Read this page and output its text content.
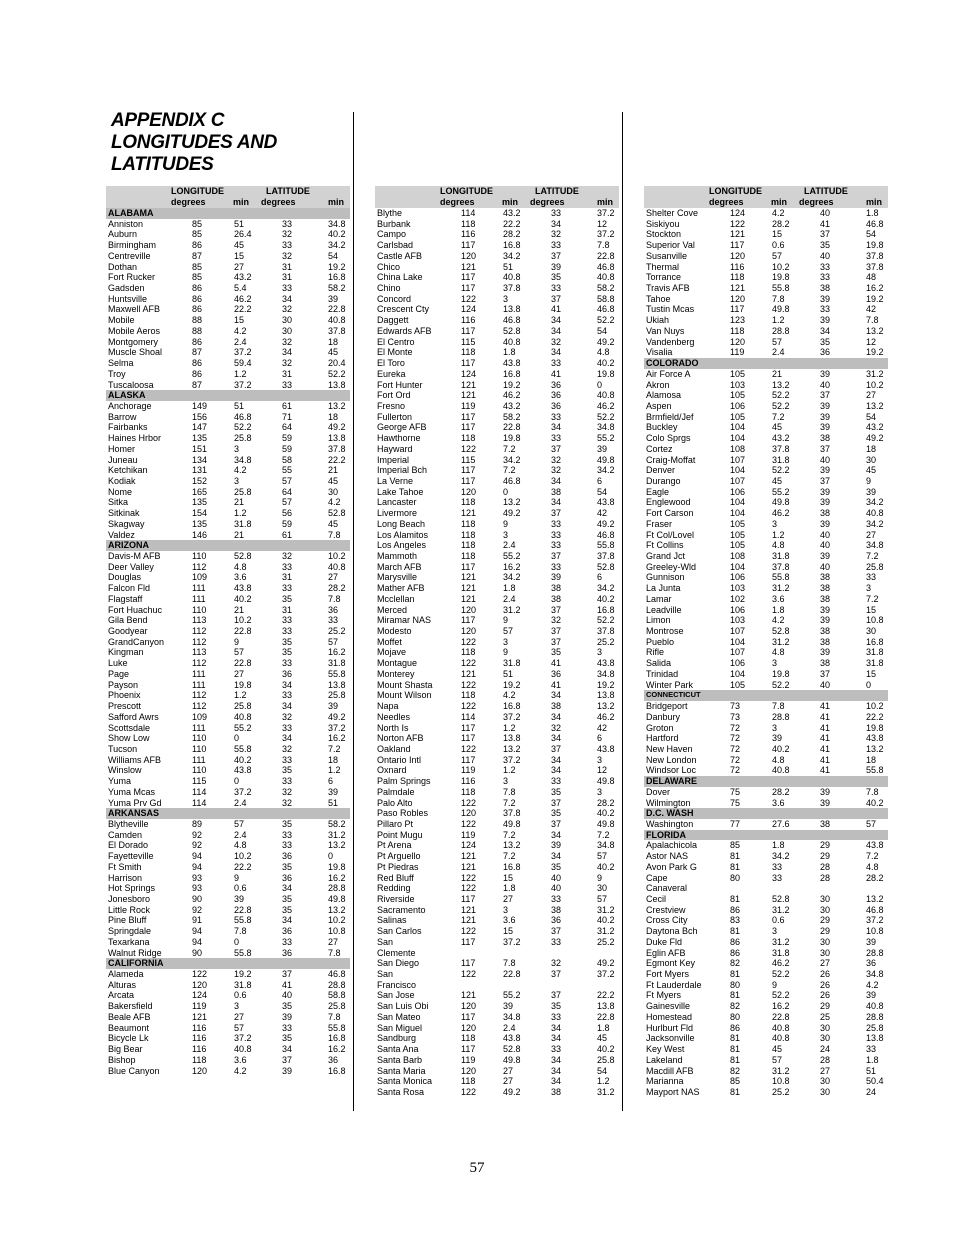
APPENDIX C
LONGITUDES AND
LATITUDES
LONGITUDE	LATITUDE
degrees	min degrees	min
ALABAMA
Anniston	85	51	33	34.8
Auburn	85	26.4	32	40.2
Birmingham	86	45	33	34.2
Centreville	87	15	32	54
Dothan	85	27	31	19.2
Fort Rucker	85	43.2	31	16.8
Gadsden	86	5.4	33	58.2
Huntsville	86	46.2	34	39
Maxwell AFB	86	22.2	32	22.8
Mobile	88	15	30	40.8
Mobile Aeros	88	4.2	30	37.8
Montgomery	86	2.4	32	18
Muscle Shoal	87	37.2	34	45
Selma	86	59.4	32	20.4
Troy	86	1.2	31	52.2
Tuscaloosa	87	37.2	33	13.8
ALASKA
Anchorage	149	51	61	13.2
Barrow	156	46.8	71	18
Fairbanks	147	52.2	64	49.2
Haines Hrbor	135	25.8	59	13.8
Homer	151	3	59	37.8
Juneau	134	34.8	58	22.2
Ketchikan	131	4.2	55	21
Kodiak	152	3	57	45
Nome	165	25.8	64	30
Sitka	135	21	57	4.2
Sitkinak	154	1.2	56	52.8
Skagway	135	31.8	59	45
Valdez	146	21	61	7.8
ARIZONA
Davis-M AFB	110	52.8	32	10.2
Deer Valley	112	4.8	33	40.8
Douglas	109	3.6	31	27
Falcon Fld	111	43.8	33	28.2
Flagstaff	111	40.2	35	7.8
Fort Huachuc	110	21	31	36
Gila Bend	113	10.2	33	33
Goodyear	112	22.8	33	25.2
GrandCanyon	112	9	35	57
Kingman	113	57	35	16.2
Luke	112	22.8	33	31.8
Page	111	27	36	55.8
Payson	111	19.8	34	13.8
Phoenix	112	1.2	33	25.8
Prescott	112	25.8	34	39
Safford Awrs	109	40.8	32	49.2
Scottsdale	111	55.2	33	37.2
Show Low	110	0	34	16.2
Tucson	110	55.8	32	7.2
Williams AFB	111	40.2	33	18
Winslow	110	43.8	35	1.2
Yuma	115	0	33	6
Yuma Mcas	114	37.2	32	39
Yuma Prv Gd	114	2.4	32	51
ARKANSAS
Blytheville	89	57	35	58.2
Camden	92	2.4	33	31.2
El Dorado	92	4.8	33	13.2
Fayetteville	94	10.2	36	0
Ft Smith	94	22.2	35	19.8
Harrison	93	9	36	16.2
Hot Springs	93	0.6	34	28.8
Jonesboro	90	39	35	49.8
Little Rock	92	22.8	35	13.2
Pine Bluff	91	55.8	34	10.2
Springdale	94	7.8	36	10.8
Texarkana	94	0	33	27
Walnut Ridge	90	55.8	36	7.8
CALIFORNIA
Alameda	122	19.2	37	46.8
Alturas	120	31.8	41	28.8
Arcata	124	0.6	40	58.8
Bakersfield	119	3	35	25.8
Beale AFB	121	27	39	7.8
Beaumont	116	57	33	55.8
Bicycle Lk	116	37.2	35	16.8
Big Bear	116	40.8	34	16.2
Bishop	118	3.6	37	36
Blue Canyon	120	4.2	39	16.8
LONGITUDE	LATITUDE
degrees	min degrees	min
Blythe	114	43.2	33	37.2
Burbank	118	22.2	34	12
Campo	116	28.2	32	37.2
Carlsbad	117	16.8	33	7.8
Castle AFB	120	34.2	37	22.8
Chico	121	51	39	46.8
China Lake	117	40.8	35	40.8
Chino	117	37.8	33	58.2
Concord	122	3	37	58.8
Crescent Cty	124	13.8	41	46.8
Daggett	116	46.8	34	52.2
Edwards AFB	117	52.8	34	54
El Centro	115	40.8	32	49.2
El Monte	118	1.8	34	4.8
El Toro	117	43.8	33	40.2
Eureka	124	16.8	41	19.8
Fort Hunter	121	19.2	36	0
Fort Ord	121	46.2	36	40.8
Fresno	119	43.2	36	46.2
Fullerton	117	58.2	33	52.2
George AFB	117	22.8	34	34.8
Hawthorne	118	19.8	33	55.2
Hayward	122	7.2	37	39
Imperial	115	34.2	32	49.8
Imperial Bch	117	7.2	32	34.2
La Verne	117	46.8	34	6
Lake Tahoe	120	0	38	54
Lancaster	118	13.2	34	43.8
Livermore	121	49.2	37	42
Long Beach	118	9	33	49.2
Los Alamitos	118	3	33	46.8
Los Angeles	118	2.4	33	55.8
Mammoth	118	55.2	37	37.8
March AFB	117	16.2	33	52.8
Marysville	121	34.2	39	6
Mather AFB	121	1.8	38	34.2
Mcclellan	121	2.4	38	40.2
Merced	120	31.2	37	16.8
Miramar NAS	117	9	32	52.2
Modesto	120	57	37	37.8
Moffet	122	3	37	25.2
Mojave	118	9	35	3
Montague	122	31.8	41	43.8
Monterey	121	51	36	34.8
Mount Shasta	122	19.2	41	19.2
Mount Wilson	118	4.2	34	13.8
Napa	122	16.8	38	13.2
Needles	114	37.2	34	46.2
North Is	117	1.2	32	42
Norton AFB	117	13.8	34	6
Oakland	122	13.2	37	43.8
Ontario Intl	117	37.2	34	3
Oxnard	119	1.2	34	12
Palm Springs	116	3	33	49.8
Palmdale	118	7.8	35	3
Palo Alto	122	7.2	37	28.2
Paso Robles	120	37.8	35	40.2
Pillaro Pt	122	49.8	37	49.8
Point Mugu	119	7.2	34	7.2
Pt Arena	124	13.2	39	34.8
Pt Arguello	121	7.2	34	57
Pt Piedras	121	16.8	35	40.2
Red Bluff	122	15	40	9
Redding	122	1.8	40	30
Riverside	117	27	33	57
Sacramento	121	3	38	31.2
Salinas	121	3.6	36	40.2
San Carlos	122	15	37	31.2
San	117	37.2	33	25.2
Clemente
San Diego	117	7.8	32	49.2
San	122	22.8	37	37.2
Francisco
San Jose	121	55.2	37	22.2
San Luis Obi	120	39	35	13.8
San Mateo	117	34.8	33	22.8
San Miguel	120	2.4	34	1.8
Sandburg	118	43.8	34	45
Santa Ana	117	52.8	33	40.2
Santa Barb	119	49.8	34	25.8
Santa Maria	120	27	34	54
Santa Monica	118	27	34	1.2
Santa Rosa	122	49.2	38	31.2
LONGITUDE	LATITUDE
degrees	min degrees	min
Shelter Cove	124	4.2	40	1.8
Siskiyou	122	28.2	41	46.8
Stockton	121	15	37	54
Superior Val	117	0.6	35	19.8
Susanville	120	57	40	37.8
Thermal	116	10.2	33	37.8
Torrance	118	19.8	33	48
Travis AFB	121	55.8	38	16.2
Tahoe	120	7.8	39	19.2
Tustin Mcas	117	49.8	33	42
Ukiah	123	1.2	39	7.8
Van Nuys	118	28.8	34	13.2
Vandenberg	120	57	35	12
Visalia	119	2.4	36	19.2
COLORADO
Air Force A	105	21	39	31.2
Akron	103	13.2	40	10.2
Alamosa	105	52.2	37	27
Aspen	106	52.2	39	13.2
Brmfield/Jef	105	7.2	39	54
Buckley	104	45	39	43.2
Colo Sprgs	104	43.2	38	49.2
Cortez	108	37.8	37	18
Craig-Moffat	107	31.8	40	30
Denver	104	52.2	39	45
Durango	107	45	37	9
Eagle	106	55.2	39	39
Englewood	104	49.8	39	34.2
Fort Carson	104	46.2	38	40.8
Fraser	105	3	39	34.2
Ft Col/Lovel	105	1.2	40	27
Ft Collins	105	4.8	40	34.8
Grand Jct	108	31.8	39	7.2
Greeley-Wld	104	37.8	40	25.8
Gunnison	106	55.8	38	33
La Junta	103	31.2	38	3
Lamar	102	3.6	38	7.2
Leadville	106	1.8	39	15
Limon	103	4.2	39	10.8
Montrose	107	52.8	38	30
Pueblo	104	31.2	38	16.8
Rifle	107	4.8	39	31.8
Salida	106	3	38	31.8
Trinidad	104	19.8	37	15
Winter Park	105	52.2	40	0
CONNECTICUT
Bridgeport	73	7.8	41	10.2
Danbury	73	28.8	41	22.2
Groton	72	3	41	19.8
Hartford	72	39	41	43.8
New Haven	72	40.2	41	13.2
New London	72	4.8	41	18
Windsor Loc	72	40.8	41	55.8
DELAWARE
Dover	75	28.2	39	7.8
Wilmington	75	3.6	39	40.2
D.C. WASH
Washington	77	27.6	38	57
FLORIDA
Apalachicola	85	1.8	29	43.8
Astor NAS	81	34.2	29	7.2
Avon Park G	81	33	28	4.8
Cape	80	33	28	28.2
Canaveral
Cecil	81	52.8	30	13.2
Crestview	86	31.2	30	46.8
Cross City	83	0.6	29	37.2
Daytona Bch	81	3	29	10.8
Duke Fld	86	31.2	30	39
Eglin AFB	86	31.8	30	28.8
Egmont Key	82	46.2	27	36
Fort Myers	81	52.2	26	34.8
Ft Lauderdale	80	9	26	4.2
Ft Myers	81	52.2	26	39
Gainesville	82	16.2	29	40.8
Homestead	80	22.8	25	28.8
Hurlburt Fld	86	40.8	30	25.8
Jacksonville	81	40.8	30	13.8
Key West	81	45	24	33
Lakeland	81	57	28	1.8
Macdill AFB	82	31.2	27	51
Marianna	85	10.8	30	50.4
Mayport NAS	81	25.2	30	24
57
